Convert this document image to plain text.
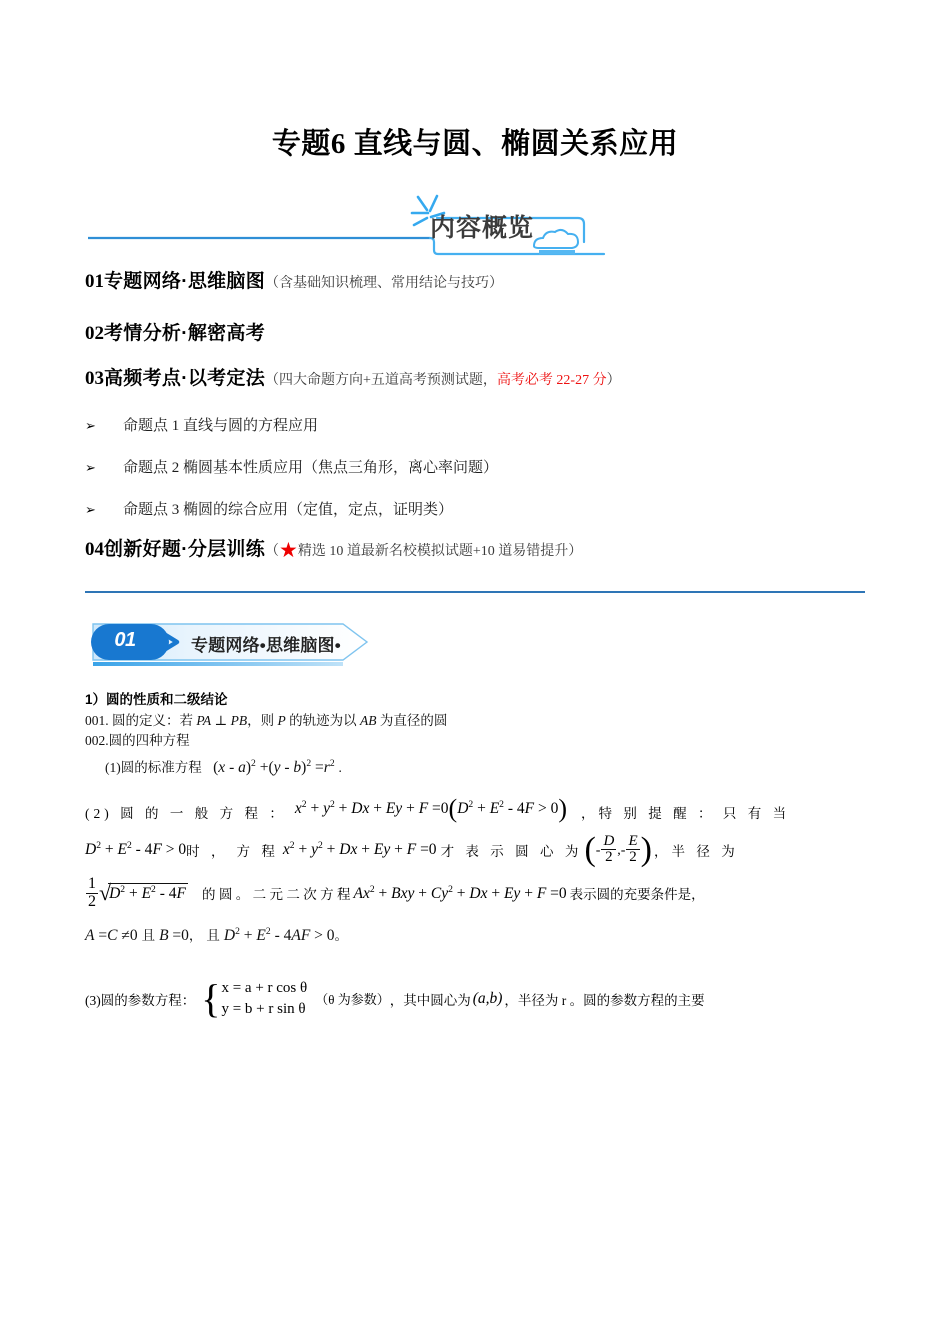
专题6 直线与圆、椭圆关系应用
内容概览
01专题网络·思维脑图（含基础知识梳理、常用结论与技巧）
02考情分析·解密高考
03高频考点·以考定法（四大命题方向+五道高考预测试题，高考必考 22-27 分）
➢	命题点 1 直线与圆的方程应用
➢	命题点 2 椭圆基本性质应用（焦点三角形，离心率问题）
➢	命题点 3 椭圆的综合应用（定值，定点，证明类）
04创新好题·分层训练（★精选 10 道最新名校模拟试题+10 道易错提升）
01	专题网络•思维脑图•
1）圆的性质和二级结论
001. 圆的定义：若 PA ⊥ PB，则 P 的轨迹为以 AB 为直径的圆
002.圆的四种方程
(1)圆的标准方程 $(x - a)^2 +(y - b)^2 =r^2$ .
(2) 圆 的 一 般 方 程 ： $x^2 + y^2 + Dx + Ey + F =0(D^2 + E^2 - 4F > 0)$ ，特 别 提 醒 ： 只 有 当
$D^2 + E^2 - 4F > 0$ 时 ， 方 程 $x^2 + y^2 + Dx + Ey + F =0$ 才 表 示 圆 心 为 (- $\frac{D}{2}$ ,- $\frac{E}{2}$ ) ，半 径 为
$\frac{1}{2} √D^2 + E^2 - 4F$ 的 圆 。 二 元 二 次 方 程 $Ax^2$ + Bxy + $Cy^2 + Dx + Ey + F =0$ 表示圆的充要条件是，
A =C ≠0 且 B =0， 且 $D^2 + E^2 - 4AF > 0$。
(3)圆的参数方程： { x = a + r cos θ
y = b + r sin θ
（θ 为参数） ，其中圆心为 (a,b) ，半径为 r 。圆的参数方程的主要
